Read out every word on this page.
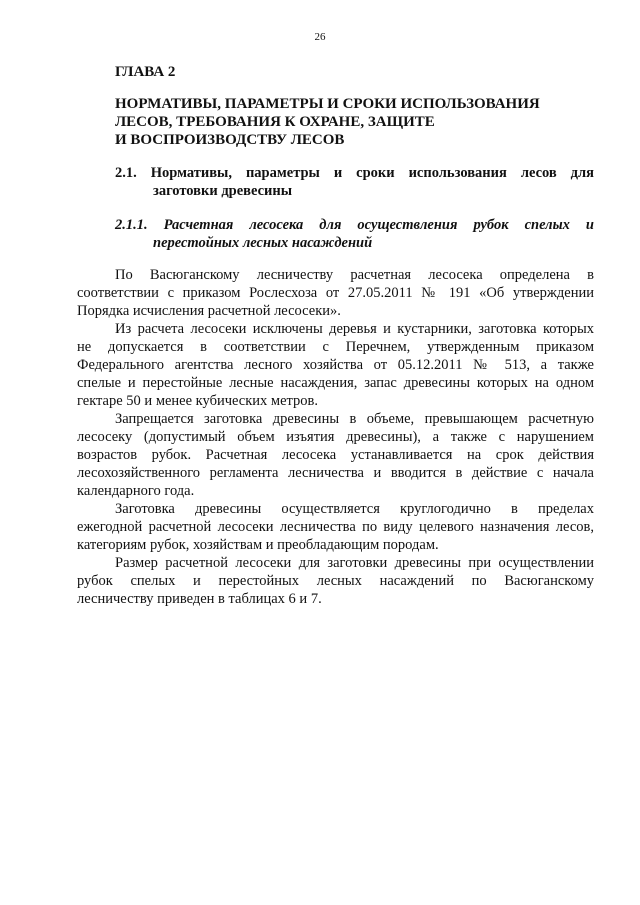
26
ГЛАВА 2
НОРМАТИВЫ, ПАРАМЕТРЫ И СРОКИ ИСПОЛЬЗОВАНИЯ
ЛЕСОВ, ТРЕБОВАНИЯ К ОХРАНЕ, ЗАЩИТЕ
И ВОСПРОИЗВОДСТВУ ЛЕСОВ
2.1. Нормативы, параметры и сроки использования лесов для
заготовки древесины
2.1.1. Расчетная лесосека для осуществления рубок спелых и
перестойных лесных насаждений
По Васюганскому лесничеству расчетная лесосека определена в
соответствии с приказом Рослесхоза от 27.05.2011 № 191 «Об утверждении
Порядка исчисления расчетной лесосеки».
Из расчета лесосеки исключены деревья и кустарники, заготовка которых
не допускается в соответствии с Перечнем, утвержденным приказом
Федерального агентства лесного хозяйства от 05.12.2011 № 513, а также
спелые и перестойные лесные насаждения, запас древесины которых на одном
гектаре 50 и менее кубических метров.
Запрещается заготовка древесины в объеме, превышающем расчетную
лесосеку (допустимый объем изъятия древесины), а также с нарушением
возрастов рубок. Расчетная лесосека устанавливается на срок действия
лесохозяйственного регламента лесничества и вводится в действие с начала
календарного года.
Заготовка древесины осуществляется круглогодично в пределах
ежегодной расчетной лесосеки лесничества по виду целевого назначения лесов,
категориям рубок, хозяйствам и преобладающим породам.
Размер расчетной лесосеки для заготовки древесины при осуществлении
рубок спелых и перестойных лесных насаждений по Васюганскому
лесничеству приведен в таблицах 6 и 7.
